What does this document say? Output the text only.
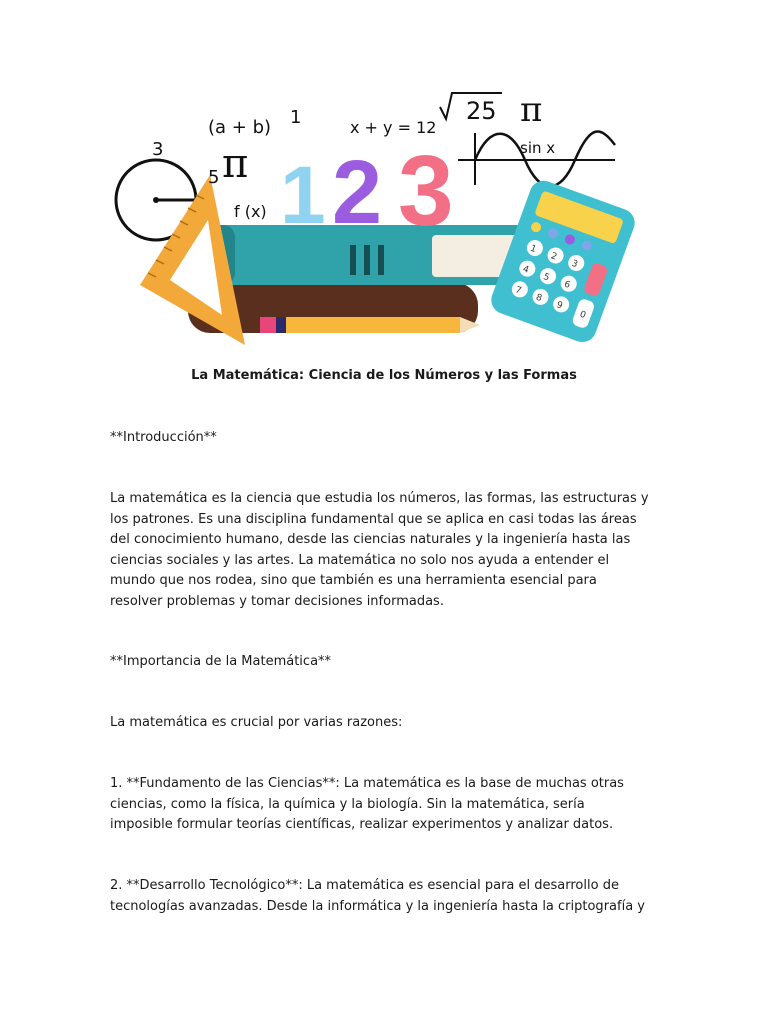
1 2 3
(a + b) 1	x + y = 12
25 π
3
5 π
f (x)
sin x
1
2
3
4
5
6
7
8
9
0
La Matemática: Ciencia de los Números y las Formas
**Introducción**
La matemática es la ciencia que estudia los números, las formas, las estructuras y
los patrones. Es una disciplina fundamental que se aplica en casi todas las áreas
del conocimiento humano, desde las ciencias naturales y la ingeniería hasta las
ciencias sociales y las artes. La matemática no solo nos ayuda a entender el
mundo que nos rodea, sino que también es una herramienta esencial para
resolver problemas y tomar decisiones informadas.
**Importancia de la Matemática**
La matemática es crucial por varias razones:
1. **Fundamento de las Ciencias**: La matemática es la base de muchas otras
ciencias, como la física, la química y la biología. Sin la matemática, sería
imposible formular teorías científicas, realizar experimentos y analizar datos.
2. **Desarrollo Tecnológico**: La matemática es esencial para el desarrollo de
tecnologías avanzadas. Desde la informática y la ingeniería hasta la criptografía y
